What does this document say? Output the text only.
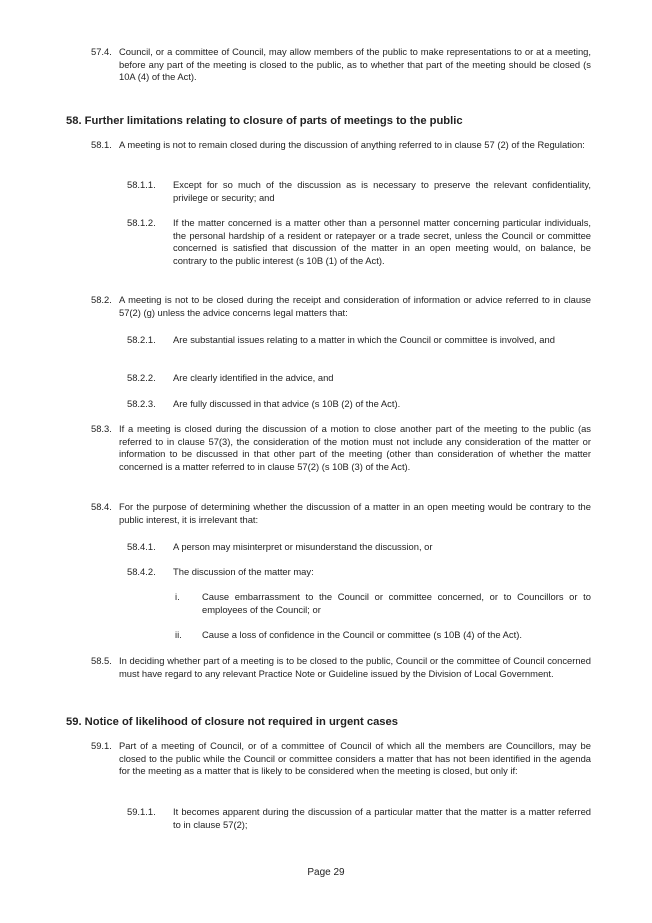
57.4. Council, or a committee of Council, may allow members of the public to make representations to or at a meeting, before any part of the meeting is closed to the public, as to whether that part of the meeting should be closed (s 10A (4) of the Act).
58. Further limitations relating to closure of parts of meetings to the public
58.1. A meeting is not to remain closed during the discussion of anything referred to in clause 57 (2) of the Regulation:
58.1.1. Except for so much of the discussion as is necessary to preserve the relevant confidentiality, privilege or security; and
58.1.2. If the matter concerned is a matter other than a personnel matter concerning particular individuals, the personal hardship of a resident or ratepayer or a trade secret, unless the Council or committee concerned is satisfied that discussion of the matter in an open meeting would, on balance, be contrary to the public interest (s 10B (1) of the Act).
58.2. A meeting is not to be closed during the receipt and consideration of information or advice referred to in clause 57(2) (g) unless the advice concerns legal matters that:
58.2.1. Are substantial issues relating to a matter in which the Council or committee is involved, and
58.2.2. Are clearly identified in the advice, and
58.2.3. Are fully discussed in that advice (s 10B (2) of the Act).
58.3. If a meeting is closed during the discussion of a motion to close another part of the meeting to the public (as referred to in clause 57(3), the consideration of the motion must not include any consideration of the matter or information to be discussed in that other part of the meeting (other than consideration of whether the matter concerned is a matter referred to in clause 57(2) (s 10B (3) of the Act).
58.4. For the purpose of determining whether the discussion of a matter in an open meeting would be contrary to the public interest, it is irrelevant that:
58.4.1. A person may misinterpret or misunderstand the discussion, or
58.4.2. The discussion of the matter may:
i. Cause embarrassment to the Council or committee concerned, or to Councillors or to employees of the Council; or
ii. Cause a loss of confidence in the Council or committee (s 10B (4) of the Act).
58.5. In deciding whether part of a meeting is to be closed to the public, Council or the committee of Council concerned must have regard to any relevant Practice Note or Guideline issued by the Division of Local Government.
59. Notice of likelihood of closure not required in urgent cases
59.1. Part of a meeting of Council, or of a committee of Council of which all the members are Councillors, may be closed to the public while the Council or committee considers a matter that has not been identified in the agenda for the meeting as a matter that is likely to be considered when the meeting is closed, but only if:
59.1.1. It becomes apparent during the discussion of a particular matter that the matter is a matter referred to in clause 57(2);
Page 29
